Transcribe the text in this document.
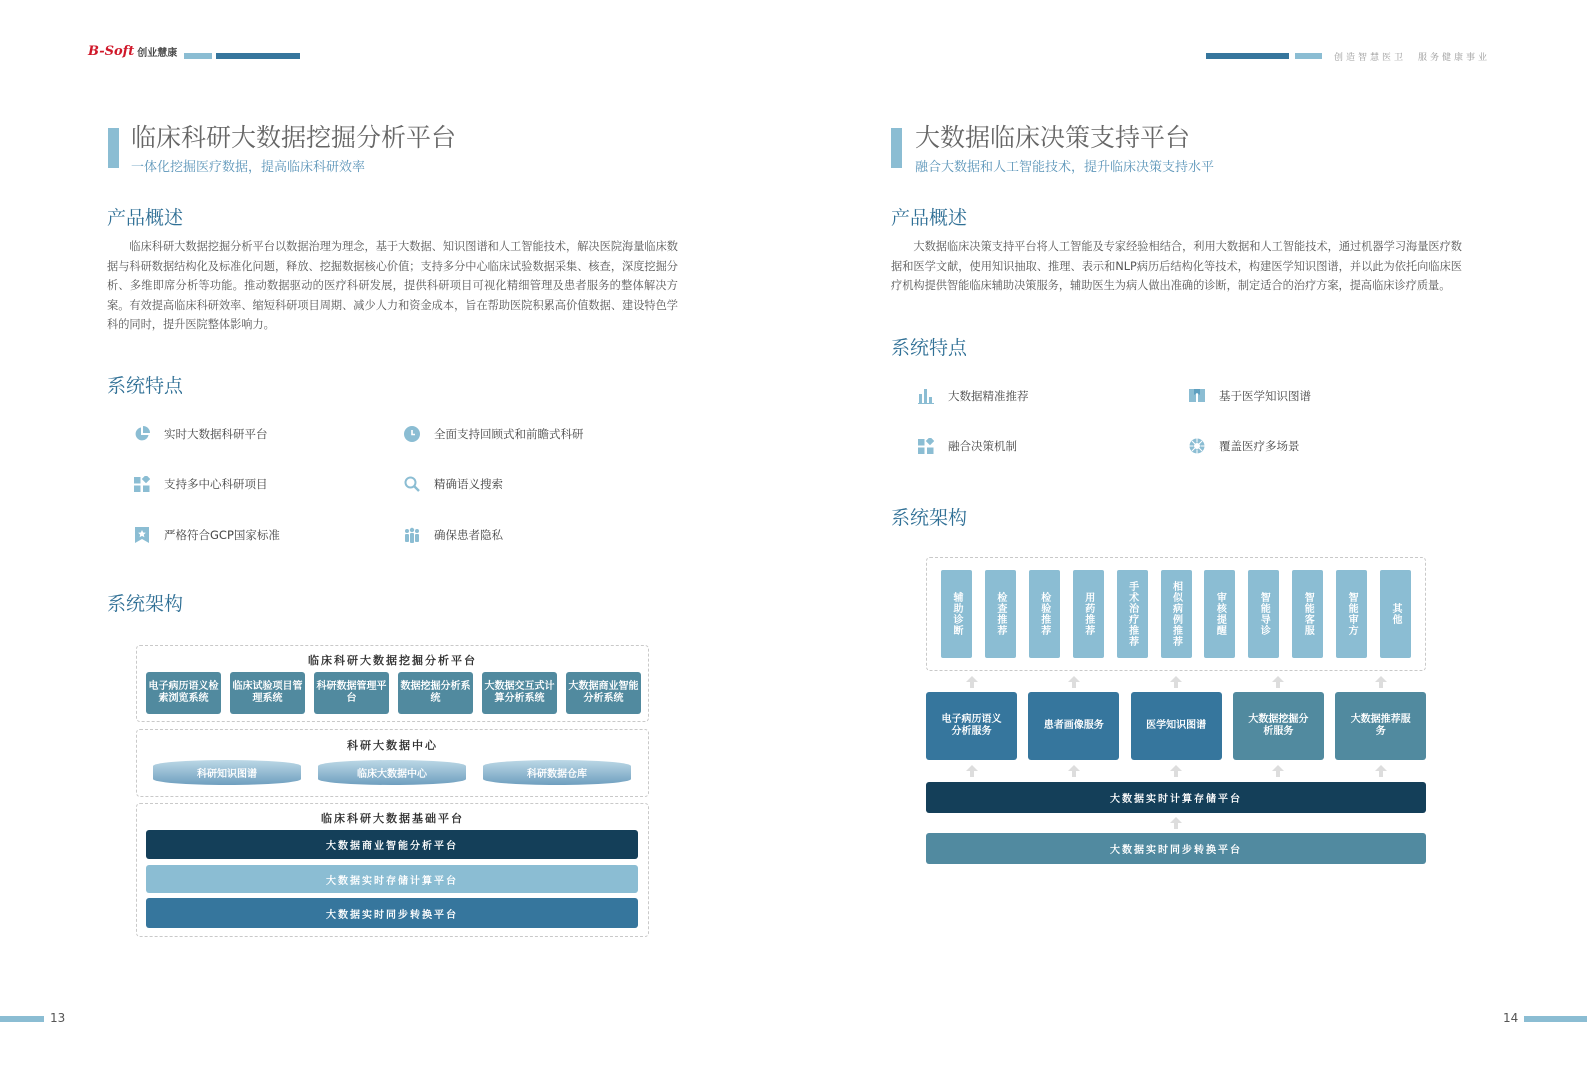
B-Soft 创业慧康
临床科研大数据挖掘分析平台
一体化挖掘医疗数据，提高临床科研效率
产品概述
临床科研大数据挖掘分析平台以数据治理为理念，基于大数据、知识图谱和人工智能技术，解决医院海量临床数据与科研数据结构化及标准化问题，释放、挖掘数据核心价值；支持多分中心临床试验数据采集、核查，深度挖掘分析、多维即席分析等功能。推动数据驱动的医疗科研发展，提供科研项目可视化精细管理及患者服务的整体解决方案。有效提高临床科研效率、缩短科研项目周期、减少人力和资金成本，旨在帮助医院积累高价值数据、建设特色学科的同时，提升医院整体影响力。
系统特点
实时大数据科研平台	全面支持回顾式和前瞻式科研
支持多中心科研项目	精确语义搜索
严格符合GCP国家标准	确保患者隐私
系统架构
临床科研大数据挖掘分析平台
电子病历语义检索浏览系统
临床试验项目管理系统
科研数据管理平台
数据挖掘分析系统
大数据交互式计算分析系统
大数据商业智能分析系统
科研大数据中心
科研知识图谱	临床大数据中心	科研数据仓库
临床科研大数据基础平台
大数据商业智能分析平台
大数据实时存储计算平台
大数据实时同步转换平台
13
创造智慧医卫　服务健康事业
大数据临床决策支持平台
融合大数据和人工智能技术，提升临床决策支持水平
产品概述
大数据临床决策支持平台将人工智能及专家经验相结合，利用大数据和人工智能技术，通过机器学习海量医疗数据和医学文献，使用知识抽取、推理、表示和NLP病历后结构化等技术，构建医学知识图谱，并以此为依托向临床医疗机构提供智能临床辅助决策服务，辅助医生为病人做出准确的诊断，制定适合的治疗方案，提高临床诊疗质量。
系统特点
大数据精准推荐	基于医学知识图谱
融合决策机制	覆盖医疗多场景
系统架构
辅助诊断	检查推荐	检验推荐	用药推荐	手术治疗推荐	相似病例推荐	审核提醒	智能导诊	智能客服	智能审方	其他
电子病历语义分析服务
患者画像服务	医学知识图谱
大数据挖掘分析服务
大数据推荐服务
大数据实时计算存储平台
大数据实时同步转换平台
14
